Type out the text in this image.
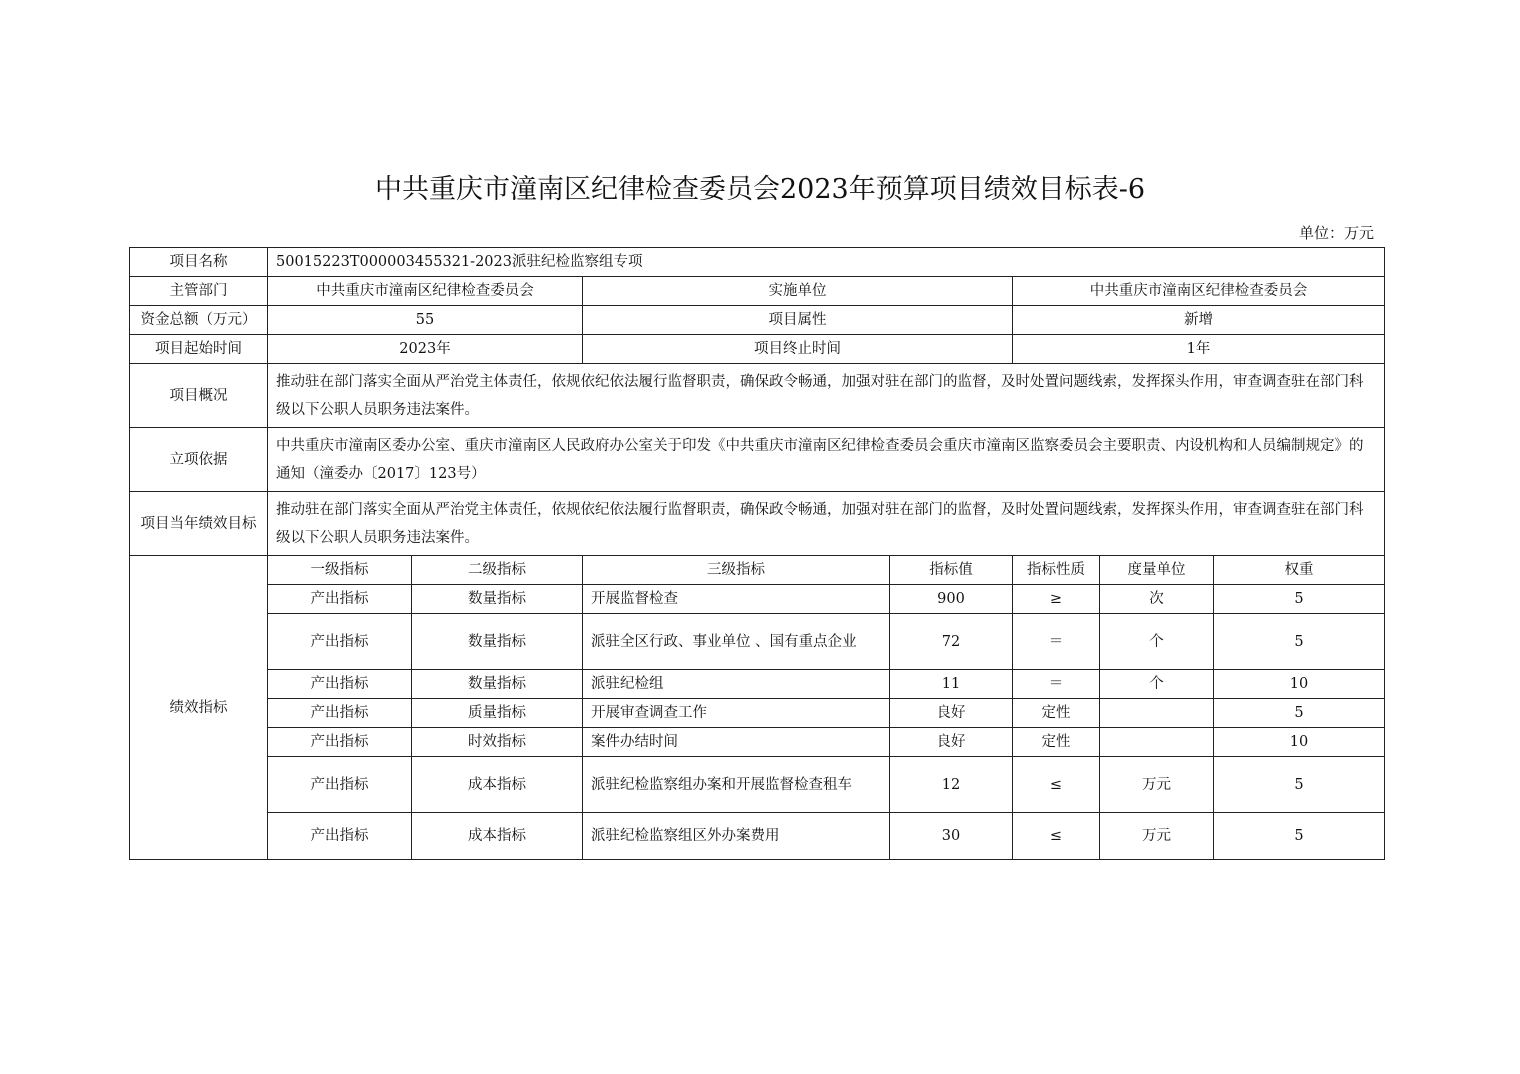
中共重庆市潼南区纪律检查委员会2023年预算项目绩效目标表-6
单位：万元
项目名称	50015223T000003455321-2023派驻纪检监察组专项						
主管部门	中共重庆市潼南区纪律检查委员会		实施单位		中共重庆市潼南区纪律检查委员会		
资金总额（万元）	55		项目属性		新增		
项目起始时间	2023年		项目终止时间		1年		
项目概况	推动驻在部门落实全面从严治党主体责任，依规依纪依法履行监督职责，确保政令畅通，加强对驻在部门的监督，及时处置问题线索，发挥探头作用，审查调查驻在部门科级以下公职人员职务违法案件。						
立项依据	中共重庆市潼南区委办公室、重庆市潼南区人民政府办公室关于印发《中共重庆市潼南区纪律检查委员会重庆市潼南区监察委员会主要职责、内设机构和人员编制规定》的通知（潼委办〔2017〕123号）						
项目当年绩效目标	推动驻在部门落实全面从严治党主体责任，依规依纪依法履行监督职责，确保政令畅通，加强对驻在部门的监督，及时处置问题线索，发挥探头作用，审查调查驻在部门科级以下公职人员职务违法案件。						
绩效指标	一级指标	二级指标	三级指标	指标值	指标性质	度量单位	权重
	产出指标	数量指标	开展监督检查	900	≥	次	5
	产出指标	数量指标	派驻全区行政、事业单位 、国有重点企业	72	＝	个	5
	产出指标	数量指标	派驻纪检组	11	＝	个	10
	产出指标	质量指标	开展审查调查工作	良好	定性		5
	产出指标	时效指标	案件办结时间	良好	定性		10
	产出指标	成本指标	派驻纪检监察组办案和开展监督检查租车	12	≤	万元	5
	产出指标	成本指标	派驻纪检监察组区外办案费用	30	≤	万元	5
